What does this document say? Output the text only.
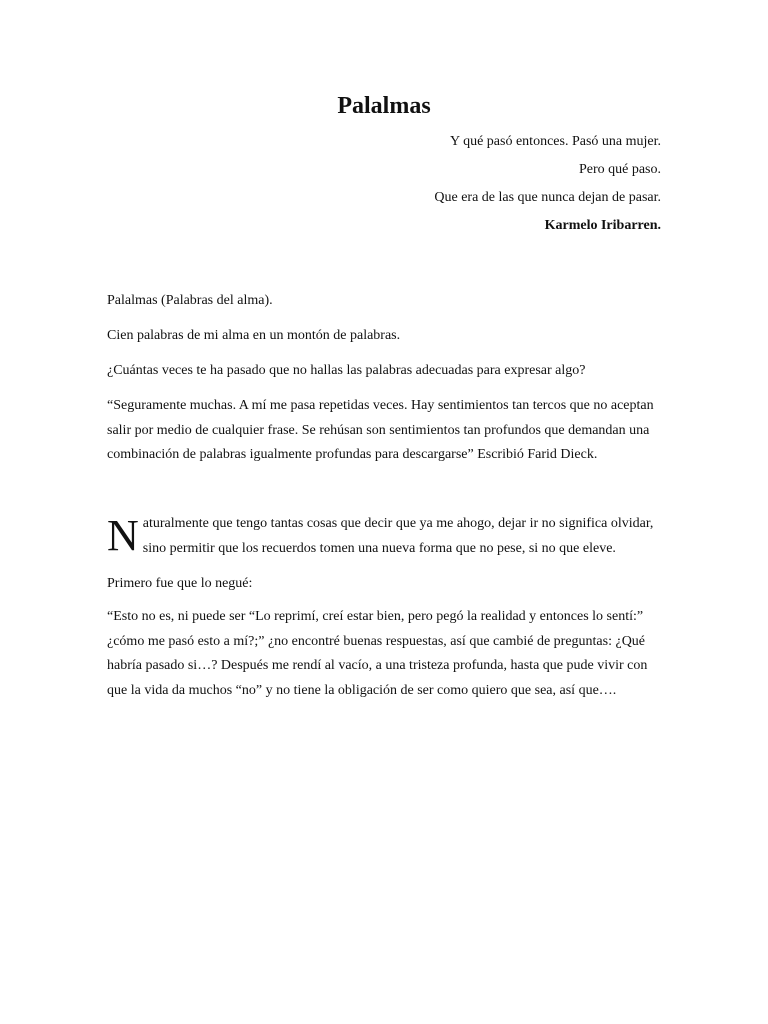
Palalmas
Y qué pasó entonces. Pasó una mujer.
Pero qué paso.
Que era de las que nunca dejan de pasar.
Karmelo Iribarren.

Palalmas (Palabras del alma).

Cien palabras de mi alma en un montón de palabras.

¿Cuántas veces te ha pasado que no hallas las palabras adecuadas para expresar algo?

“Seguramente muchas. A mí me pasa repetidas veces. Hay sentimientos tan tercos que no aceptan salir por medio de cualquier frase. Se rehúsan son sentimientos tan profundos que demandan una combinación de palabras igualmente profundas para descargarse” Escribió Farid Dieck.

Naturalmente que tengo tantas cosas que decir que ya me ahogo, dejar ir no significa olvidar, sino permitir que los recuerdos tomen una nueva forma que no pese, si no que eleve.

Primero fue que lo negué:

“Esto no es, ni puede ser “Lo reprimí, creí estar bien, pero pegó la realidad y entonces lo sentí:” ¿cómo me pasó esto a mí?;” ¿no encontré buenas respuestas, así que cambié de preguntas: ¿Qué habría pasado si…? Después me rendí al vacío, a una tristeza profunda, hasta que pude vivir con que la vida da muchos “no” y no tiene la obligación de ser como quiero que sea, así que….
